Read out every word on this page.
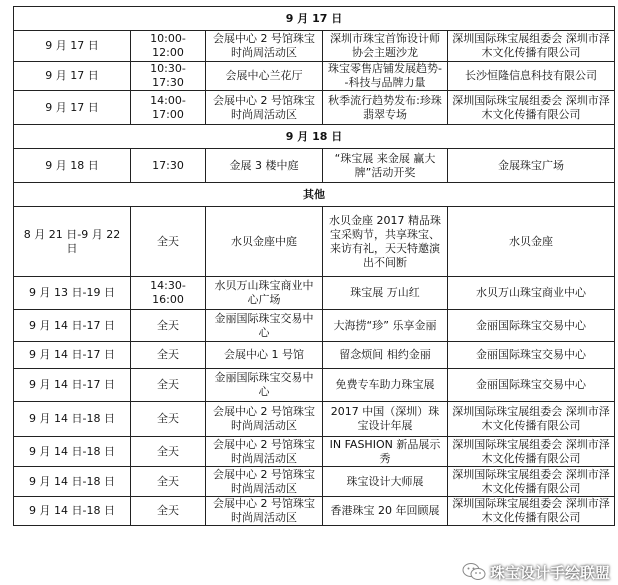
9 月 17 日				
9 月 17 日	10:00-12:00	会展中心 2 号馆珠宝时尚周活动区	深圳市珠宝首饰设计师协会主题沙龙	深圳国际珠宝展组委会 深圳市泽木文化传播有限公司
9 月 17 日	10:30-17:30	会展中心兰花厅	珠宝零售店铺发展趋势--科技与品牌力量	长沙恒隆信息科技有限公司
9 月 17 日	14:00-17:00	会展中心 2 号馆珠宝时尚周活动区	秋季流行趋势发布:珍珠翡翠专场	深圳国际珠宝展组委会 深圳市泽木文化传播有限公司
9 月 18 日				
9 月 18 日	17:30	金展 3 楼中庭	“珠宝展 来金展 赢大牌”活动开奖	金展珠宝广场
其他				
8 月 21 日-9 月 22 日	全天	水贝金座中庭	水贝金座 2017 精品珠宝采购节，共享珠宝、来访有礼，天天特邀演出不间断	水贝金座
9 月 13 日-19 日	14:30-16:00	水贝万山珠宝商业中心广场	珠宝展 万山红	水贝万山珠宝商业中心
9 月 14 日-17 日	全天	金丽国际珠宝交易中心	大海捞“珍” 乐享金丽	金丽国际珠宝交易中心
9 月 14 日-17 日	全天	会展中心 1 号馆	留念烦间 相约金丽	金丽国际珠宝交易中心
9 月 14 日-17 日	全天	金丽国际珠宝交易中心	免费专车助力珠宝展	金丽国际珠宝交易中心
9 月 14 日-18 日	全天	会展中心 2 号馆珠宝时尚周活动区	2017 中国（深圳）珠宝设计年展	深圳国际珠宝展组委会 深圳市泽木文化传播有限公司
9 月 14 日-18 日	全天	会展中心 2 号馆珠宝时尚周活动区	IN FASHION 新品展示秀	深圳国际珠宝展组委会 深圳市泽木文化传播有限公司
9 月 14 日-18 日	全天	会展中心 2 号馆珠宝时尚周活动区	珠宝设计大师展	深圳国际珠宝展组委会 深圳市泽木文化传播有限公司
9 月 14 日-18 日	全天	会展中心 2 号馆珠宝时尚周活动区	香港珠宝 20 年回顾展	深圳国际珠宝展组委会 深圳市泽木文化传播有限公司
珠宝设计手绘联盟
